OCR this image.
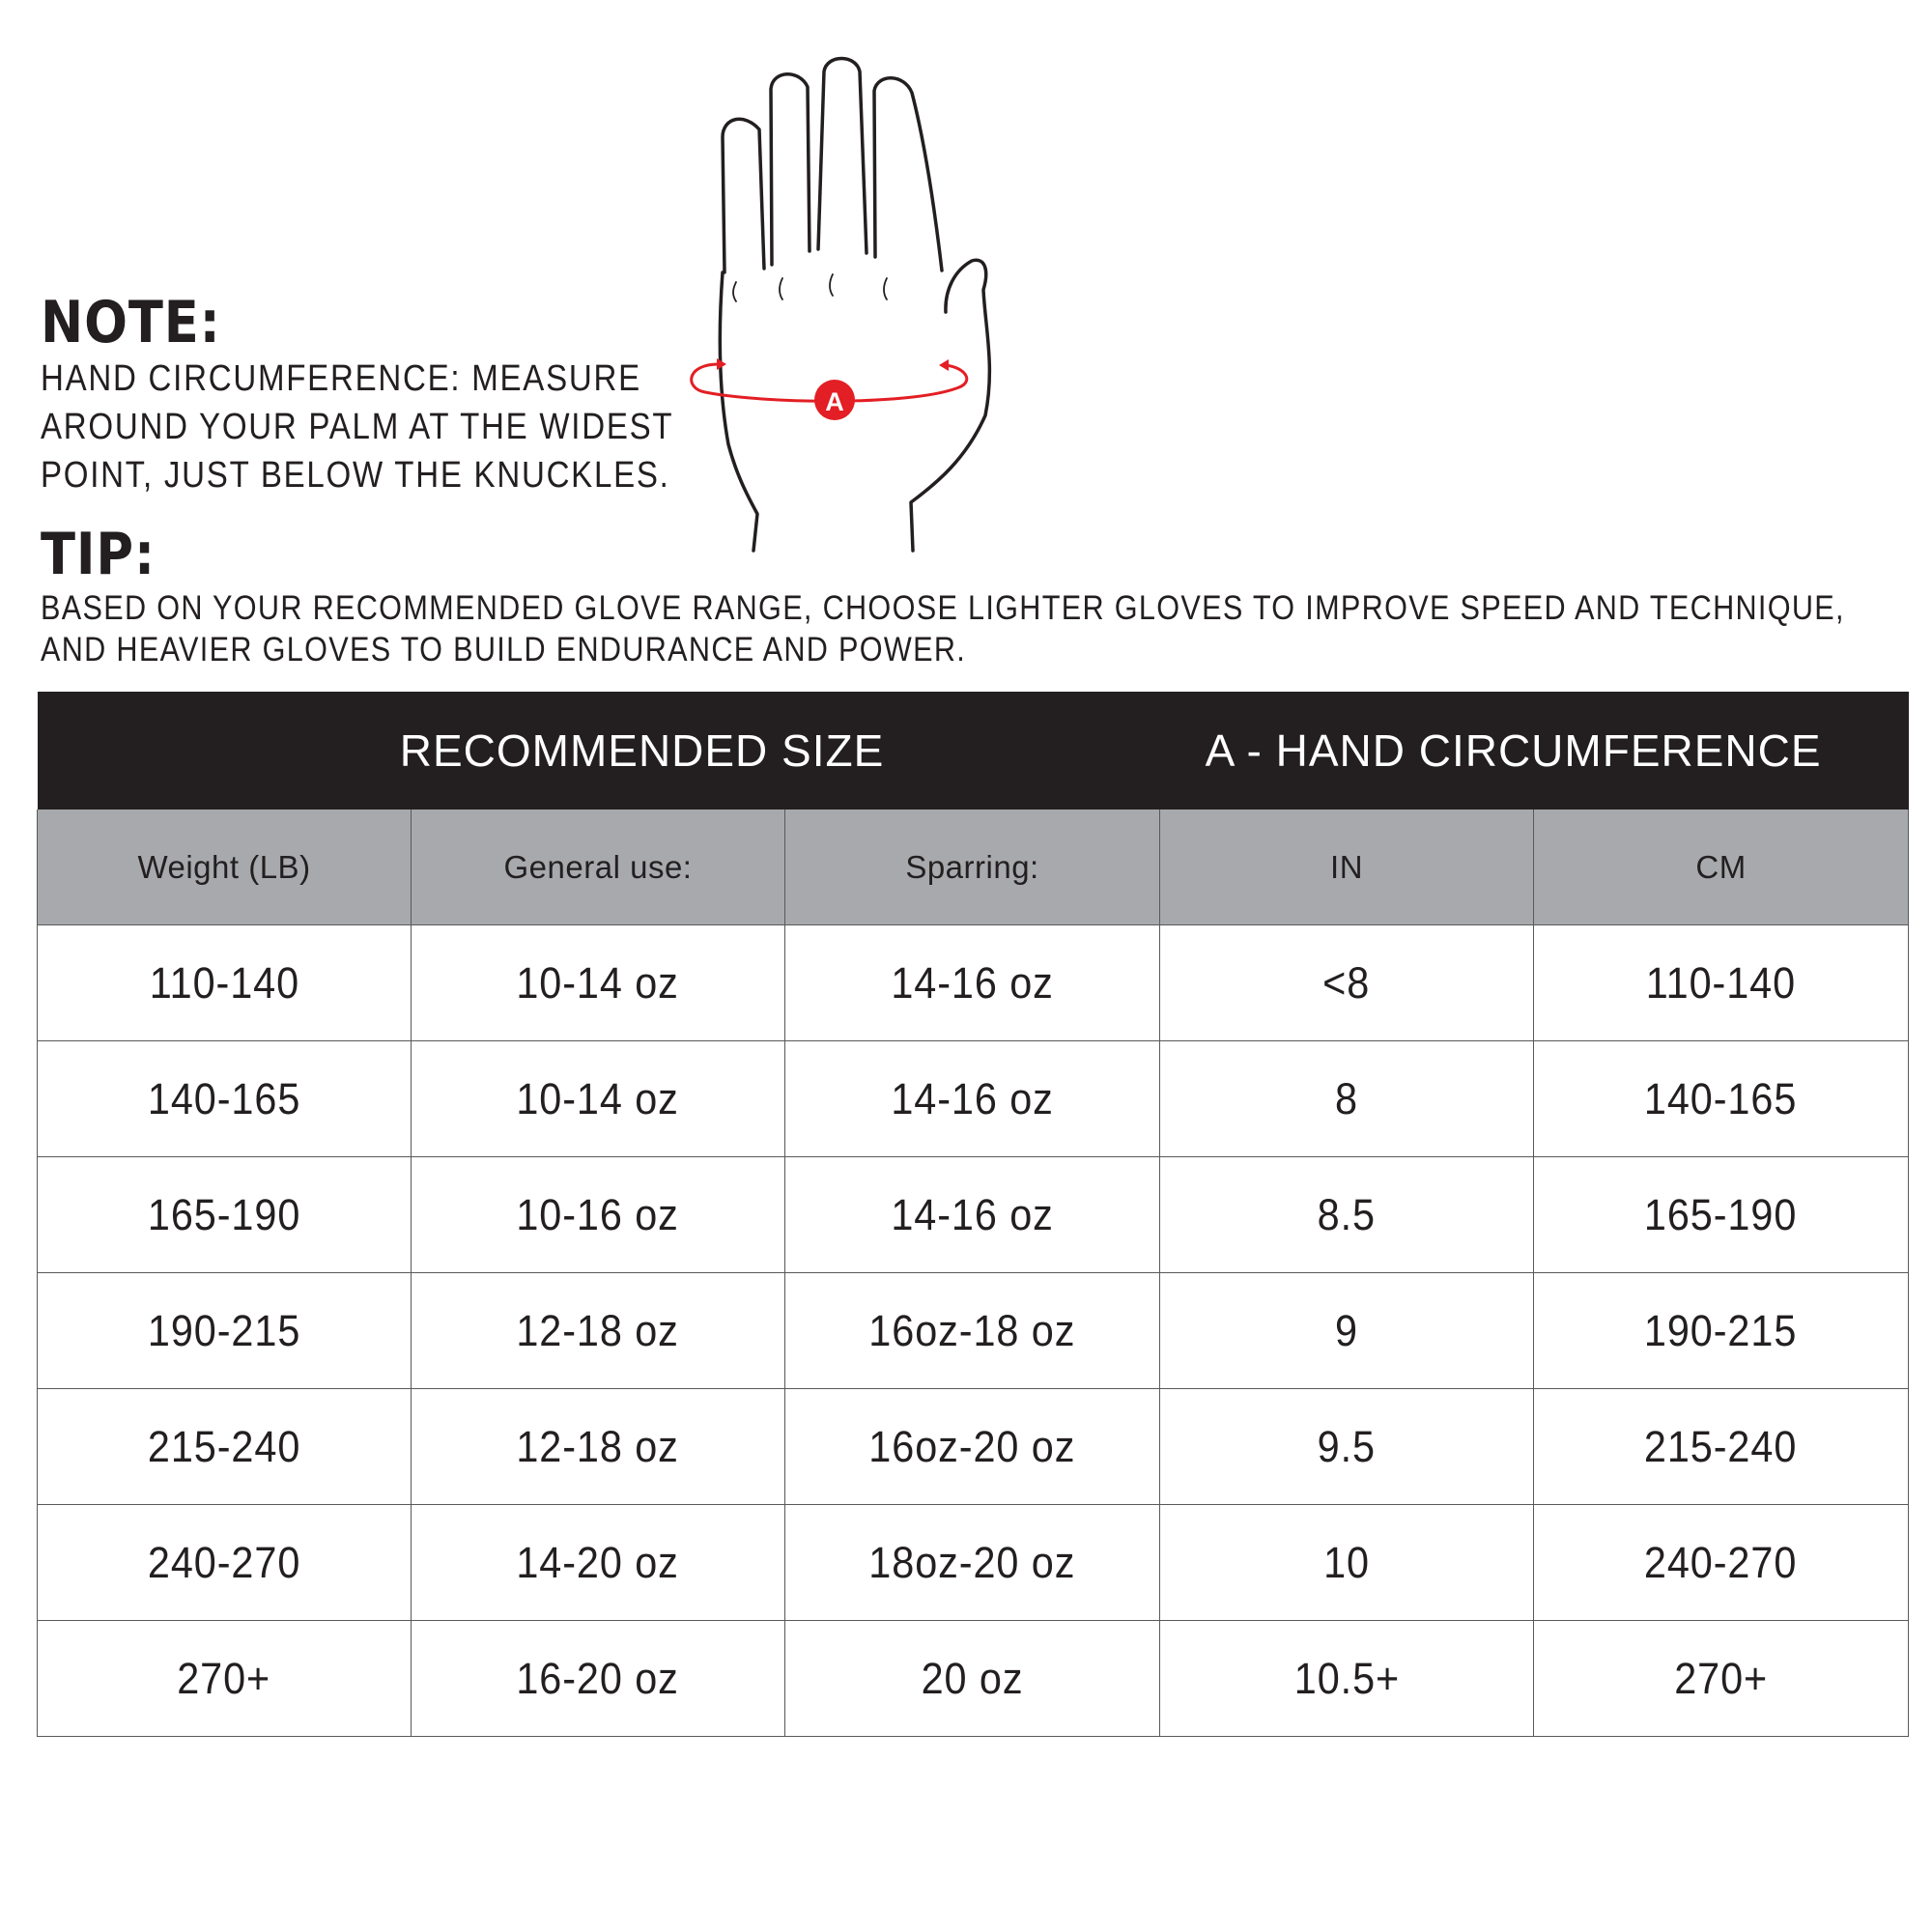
NOTE:
HAND CIRCUMFERENCE: MEASURE
AROUND YOUR PALM AT THE WIDEST
POINT, JUST BELOW THE KNUCKLES.
TIP:
BASED ON YOUR RECOMMENDED GLOVE RANGE, CHOOSE LIGHTER GLOVES TO IMPROVE SPEED AND TECHNIQUE, AND HEAVIER GLOVES TO BUILD ENDURANCE AND POWER.
A
RECOMMENDED SIZE			A - HAND CIRCUMFERENCE	
Weight (LB)	General use:	Sparring:	IN	CM
110-140	10-14 oz	14-16 oz	<8	110-140
140-165	10-14 oz	14-16 oz	8	140-165
165-190	10-16 oz	14-16 oz	8.5	165-190
190-215	12-18 oz	16oz-18 oz	9	190-215
215-240	12-18 oz	16oz-20 oz	9.5	215-240
240-270	14-20 oz	18oz-20 oz	10	240-270
270+	16-20 oz	20 oz	10.5+	270+
